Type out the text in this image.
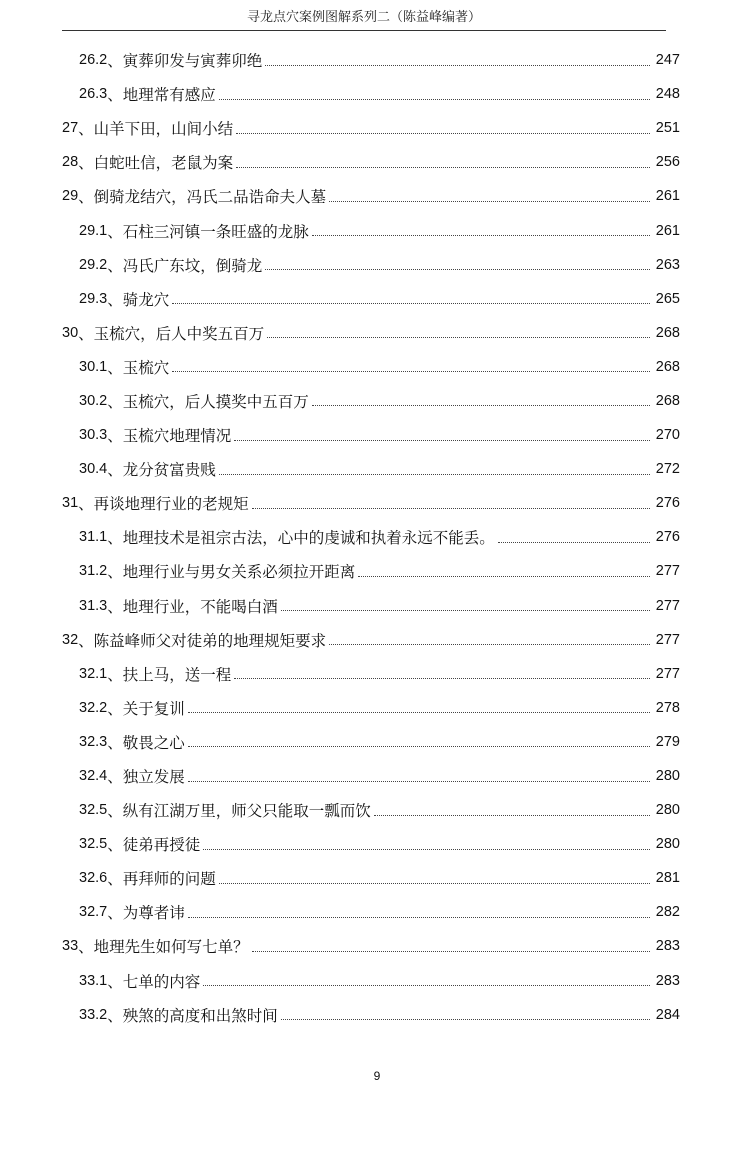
寻龙点穴案例图解系列二（陈益峰编著）
26.2 、 寅葬卯发与寅葬卯绝	247
26.3 、 地理常有感应	248
27 、 山羊下田，山间小结	251
28 、 白蛇吐信，老鼠为案	256
29 、 倒骑龙结穴，冯氏二品诰命夫人墓	261
29.1 、 石柱三河镇一条旺盛的龙脉	261
29.2 、 冯氏广东坟，倒骑龙	263
29.3 、 骑龙穴	265
30 、 玉梳穴，后人中奖五百万	268
30.1 、 玉梳穴	268
30.2 、 玉梳穴，后人摸奖中五百万	268
30.3 、 玉梳穴地理情况	270
30.4 、 龙分贫富贵贱	272
31 、 再谈地理行业的老规矩	276
31.1 、 地理技术是祖宗古法，心中的虔诚和执着永远不能丢。	276
31.2 、 地理行业与男女关系必须拉开距离	277
31.3 、 地理行业，不能喝白酒	277
32 、 陈益峰师父对徒弟的地理规矩要求	277
32.1 、 扶上马，送一程	277
32.2 、 关于复训	278
32.3 、 敬畏之心	279
32.4 、 独立发展	280
32.5 、 纵有江湖万里，师父只能取一瓢而饮	280
32.5 、 徒弟再授徒	280
32.6 、 再拜师的问题	281
32.7 、 为尊者讳	282
33 、 地理先生如何写七单？	283
33.1 、 七单的内容	283
33.2 、 殃煞的高度和出煞时间	284
9
